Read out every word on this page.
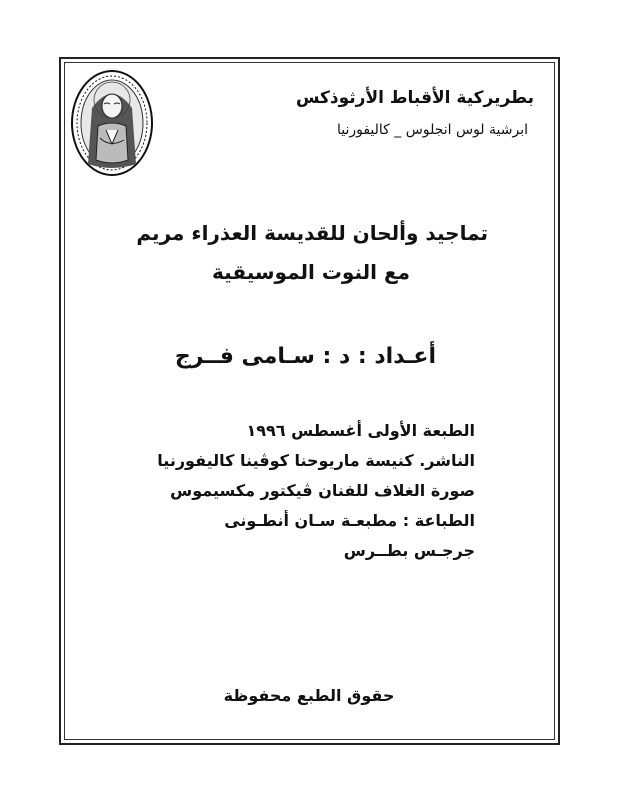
بطريركية الأقباط الأرثوذكس
ابرشية لوس انجلوس _ كاليفورنيا
تماجيد وألحان للقديسة العذراء مريم
مع النوت الموسيقية
أعـداد : د : سـامى فــرج
الطبعة الأولى أغسطس ١٩٩٦
الناشر. كنيسة ماريوحنا كوڤينا كاليفورنيا
صورة الغلاف للفنان ڤيكتور مكسيموس
الطباعة : مطبعـة سـان أنطـونى
جرجـس بطــرس
حقوق الطبع محفوظة
